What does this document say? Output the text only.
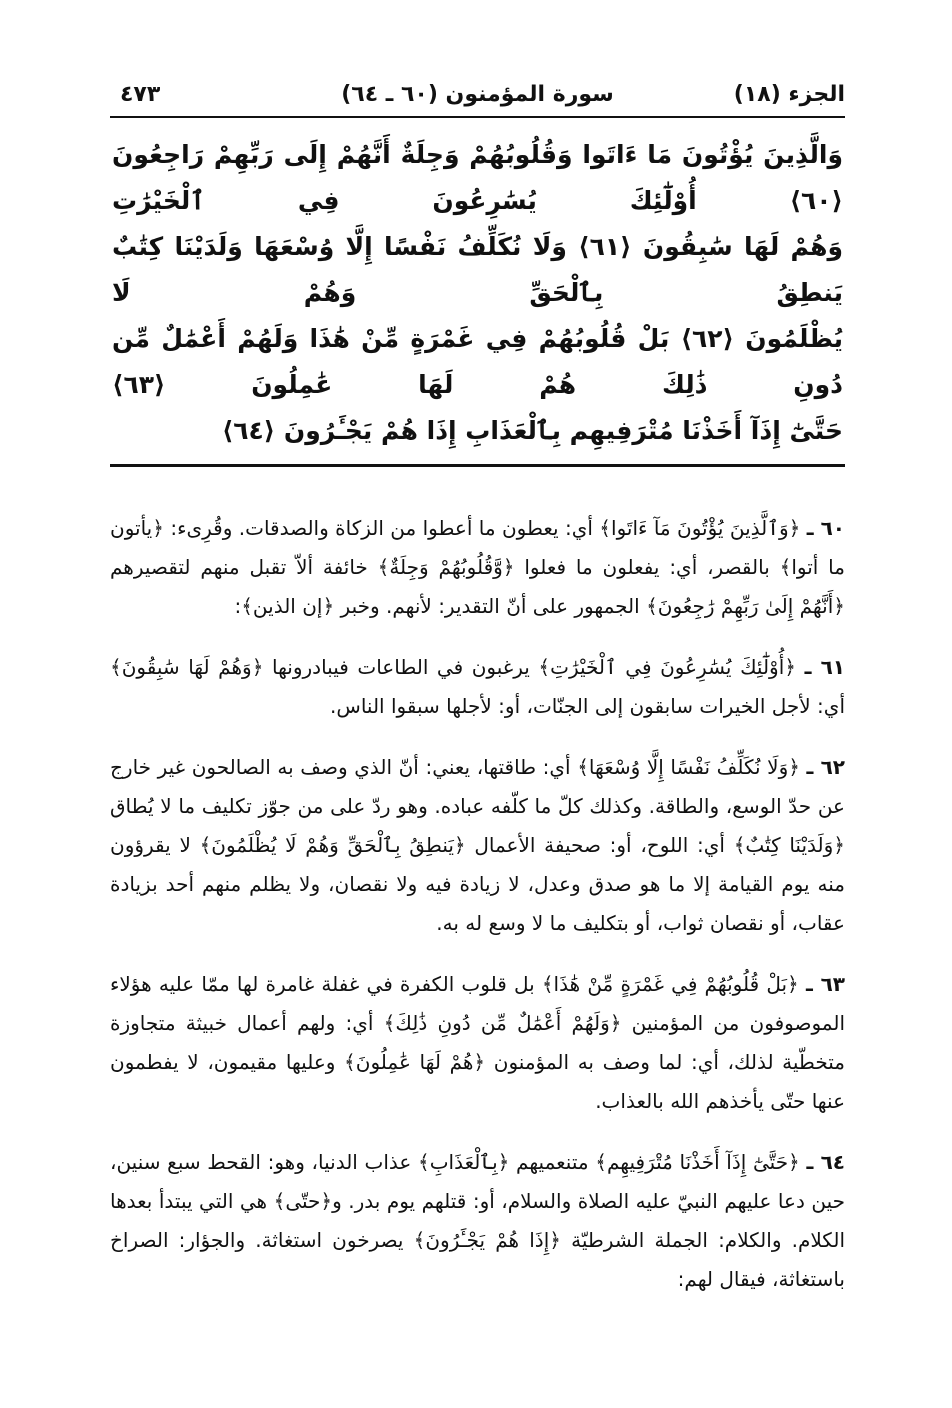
الجزء (١٨)
سورة المؤمنون (٦٠ ـ ٦٤)
٤٧٣
وَالَّذِينَ يُؤْتُونَ مَا ءَاتَوا وَقُلُوبُهُمْ وَجِلَةٌ أَنَّهُمْ إِلَى رَبِّهِمْ رَاجِعُونَ ⟨٦٠⟩ أُوْلَٰٓئِكَ يُسَٰرِعُونَ فِي ٱلْخَيْرَٰتِ
وَهُمْ لَهَا سَٰبِقُونَ ⟨٦١⟩ وَلَا نُكَلِّفُ نَفْسًا إِلَّا وُسْعَهَا وَلَدَيْنَا كِتَٰبٌ يَنطِقُ بِٱلْحَقِّ وَهُمْ لَا
يُظْلَمُونَ ⟨٦٢⟩ بَلْ قُلُوبُهُمْ فِي غَمْرَةٍ مِّنْ هَٰذَا وَلَهُمْ أَعْمَٰلٌ مِّن دُونِ ذَٰلِكَ هُمْ لَهَا عَٰمِلُونَ ⟨٦٣⟩
حَتَّىٰٓ إِذَآ أَخَذْنَا مُتْرَفِيهِم بِٱلْعَذَابِ إِذَا هُمْ يَجْـَٔرُونَ ⟨٦٤⟩

٦٠ ـ ﴿وَٱلَّذِينَ يُؤْتُونَ مَآ ءَاتَوا﴾ أي: يعطون ما أعطوا من الزكاة والصدقات. وقُرِىء: ﴿يأتون ما أتوا﴾ بالقصر، أي: يفعلون ما فعلوا ﴿وَّقُلُوبُهُمْ وَجِلَةٌ﴾ خائفة ألاّ تقبل منهم لتقصيرهم ﴿أَنَّهُمْ إِلَىٰ رَبِّهِمْ رَٰجِعُونَ﴾ الجمهور على أنّ التقدير: لأنهم. وخبر ﴿إن الذين﴾:

٦١ ـ ﴿أُوْلَٰٓئِكَ يُسَٰرِعُونَ فِي ٱلْخَيْرَٰتِ﴾ يرغبون في الطاعات فيبادرونها ﴿وَهُمْ لَهَا سَٰبِقُونَ﴾ أي: لأجل الخيرات سابقون إلى الجنّات، أو: لأجلها سبقوا الناس.

٦٢ ـ ﴿وَلَا نُكَلِّفُ نَفْسًا إِلَّا وُسْعَهَا﴾ أي: طاقتها، يعني: أنّ الذي وصف به الصالحون غير خارج عن حدّ الوسع، والطاقة. وكذلك كلّ ما كلّفه عباده. وهو ردّ على من جوّز تكليف ما لا يُطاق ﴿وَلَدَيْنَا كِتَٰبٌ﴾ أي: اللوح، أو: صحيفة الأعمال ﴿يَنطِقُ بِٱلْحَقِّ وَهُمْ لَا يُظْلَمُونَ﴾ لا يقرؤون منه يوم القيامة إلا ما هو صدق وعدل، لا زيادة فيه ولا نقصان، ولا يظلم منهم أحد بزيادة عقاب، أو نقصان ثواب، أو بتكليف ما لا وسع له به.

٦٣ ـ ﴿بَلْ قُلُوبُهُمْ فِي غَمْرَةٍ مِّنْ هَٰذَا﴾ بل قلوب الكفرة في غفلة غامرة لها ممّا عليه هؤلاء الموصوفون من المؤمنين ﴿وَلَهُمْ أَعْمَٰلٌ مِّن دُونِ ذَٰلِكَ﴾ أي: ولهم أعمال خبيثة متجاوزة متخطّية لذلك، أي: لما وصف به المؤمنون ﴿هُمْ لَهَا عَٰمِلُونَ﴾ وعليها مقيمون، لا يفطمون عنها حتّى يأخذهم الله بالعذاب.

٦٤ ـ ﴿حَتَّىٰٓ إِذَآ أَخَذْنَا مُتْرَفِيهِم﴾ متنعميهم ﴿بِٱلْعَذَابِ﴾ عذاب الدنيا، وهو: القحط سبع سنين، حين دعا عليهم النبيّ عليه الصلاة والسلام، أو: قتلهم يوم بدر. و﴿حتّى﴾ هي التي يبتدأ بعدها الكلام. والكلام: الجملة الشرطيّة ﴿إِذَا هُمْ يَجْـَٔرُونَ﴾ يصرخون استغاثة. والجؤار: الصراخ باستغاثة، فيقال لهم:
